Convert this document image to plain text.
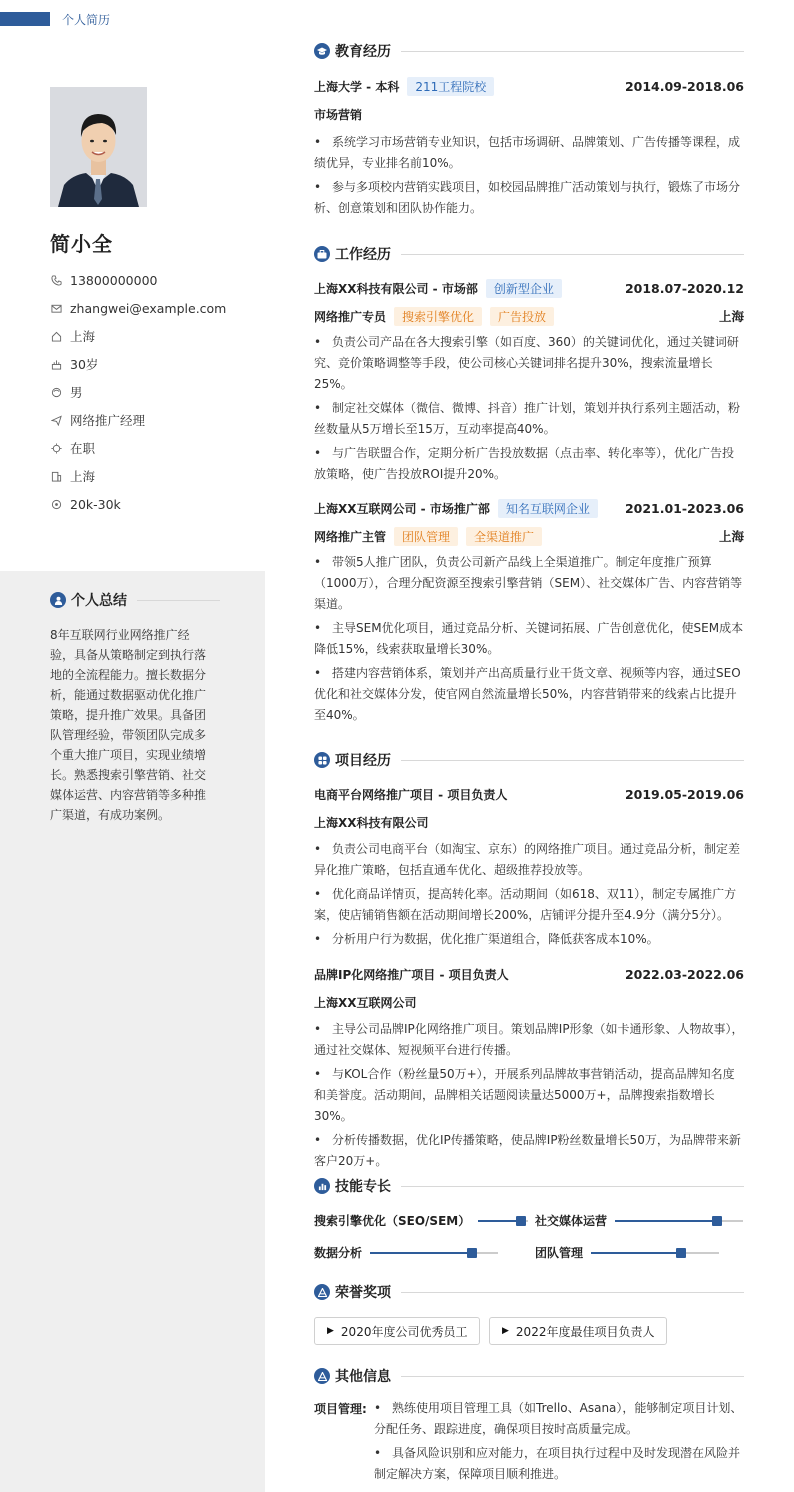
个人简历
简小全
13800000000
zhangwei@example.com
上海
30岁
男
网络推广经理
在职
上海
20k-30k
个人总结
8年互联网行业网络推广经验，具备从策略制定到执行落地的全流程能力。擅长数据分析，能通过数据驱动优化推广策略，提升推广效果。具备团队管理经验，带领团队完成多个重大推广项目，实现业绩增长。熟悉搜索引擎营销、社交媒体运营、内容营销等多种推广渠道，有成功案例。
教育经历
上海大学 - 本科	211工程院校	2014.09-2018.06
市场营销
• 系统学习市场营销专业知识，包括市场调研、品牌策划、广告传播等课程，成绩优异，专业排名前10%。
• 参与多项校内营销实践项目，如校园品牌推广活动策划与执行，锻炼了市场分析、创意策划和团队协作能力。
工作经历
上海XX科技有限公司 - 市场部	创新型企业	2018.07-2020.12
网络推广专员	搜索引擎优化	广告投放	上海
• 负责公司产品在各大搜索引擎（如百度、360）的关键词优化，通过关键词研究、竞价策略调整等手段，使公司核心关键词排名提升30%，搜索流量增长25%。
• 制定社交媒体（微信、微博、抖音）推广计划，策划并执行系列主题活动，粉丝数量从5万增长至15万，互动率提高40%。
• 与广告联盟合作，定期分析广告投放数据（点击率、转化率等），优化广告投放策略，使广告投放ROI提升20%。
上海XX互联网公司 - 市场推广部	知名互联网企业	2021.01-2023.06
网络推广主管	团队管理	全渠道推广	上海
• 带领5人推广团队，负责公司新产品线上全渠道推广。制定年度推广预算（1000万），合理分配资源至搜索引擎营销（SEM）、社交媒体广告、内容营销等渠道。
• 主导SEM优化项目，通过竞品分析、关键词拓展、广告创意优化，使SEM成本降低15%，线索获取量增长30%。
• 搭建内容营销体系，策划并产出高质量行业干货文章、视频等内容，通过SEO优化和社交媒体分发，使官网自然流量增长50%，内容营销带来的线索占比提升至40%。
项目经历
电商平台网络推广项目 - 项目负责人	2019.05-2019.06
上海XX科技有限公司
• 负责公司电商平台（如淘宝、京东）的网络推广项目。通过竞品分析，制定差异化推广策略，包括直通车优化、超级推荐投放等。
• 优化商品详情页，提高转化率。活动期间（如618、双11），制定专属推广方案，使店铺销售额在活动期间增长200%，店铺评分提升至4.9分（满分5分）。
• 分析用户行为数据，优化推广渠道组合，降低获客成本10%。
品牌IP化网络推广项目 - 项目负责人	2022.03-2022.06
上海XX互联网公司
• 主导公司品牌IP化网络推广项目。策划品牌IP形象（如卡通形象、人物故事），通过社交媒体、短视频平台进行传播。
• 与KOL合作（粉丝量50万+），开展系列品牌故事营销活动，提高品牌知名度和美誉度。活动期间，品牌相关话题阅读量达5000万+，品牌搜索指数增长30%。
• 分析传播数据，优化IP传播策略，使品牌IP粉丝数量增长50万，为品牌带来新客户20万+。
技能专长
搜索引擎优化（SEO/SEM）	社交媒体运营
数据分析	团队管理
荣誉奖项
▶ 2020年度公司优秀员工	▶ 2022年度最佳项目负责人
其他信息
项目管理: • 熟练使用项目管理工具（如Trello、Asana），能够制定项目计划、分配任务、跟踪进度，确保项目按时高质量完成。
• 具备风险识别和应对能力，在项目执行过程中及时发现潜在风险并制定解决方案，保障项目顺利推进。
